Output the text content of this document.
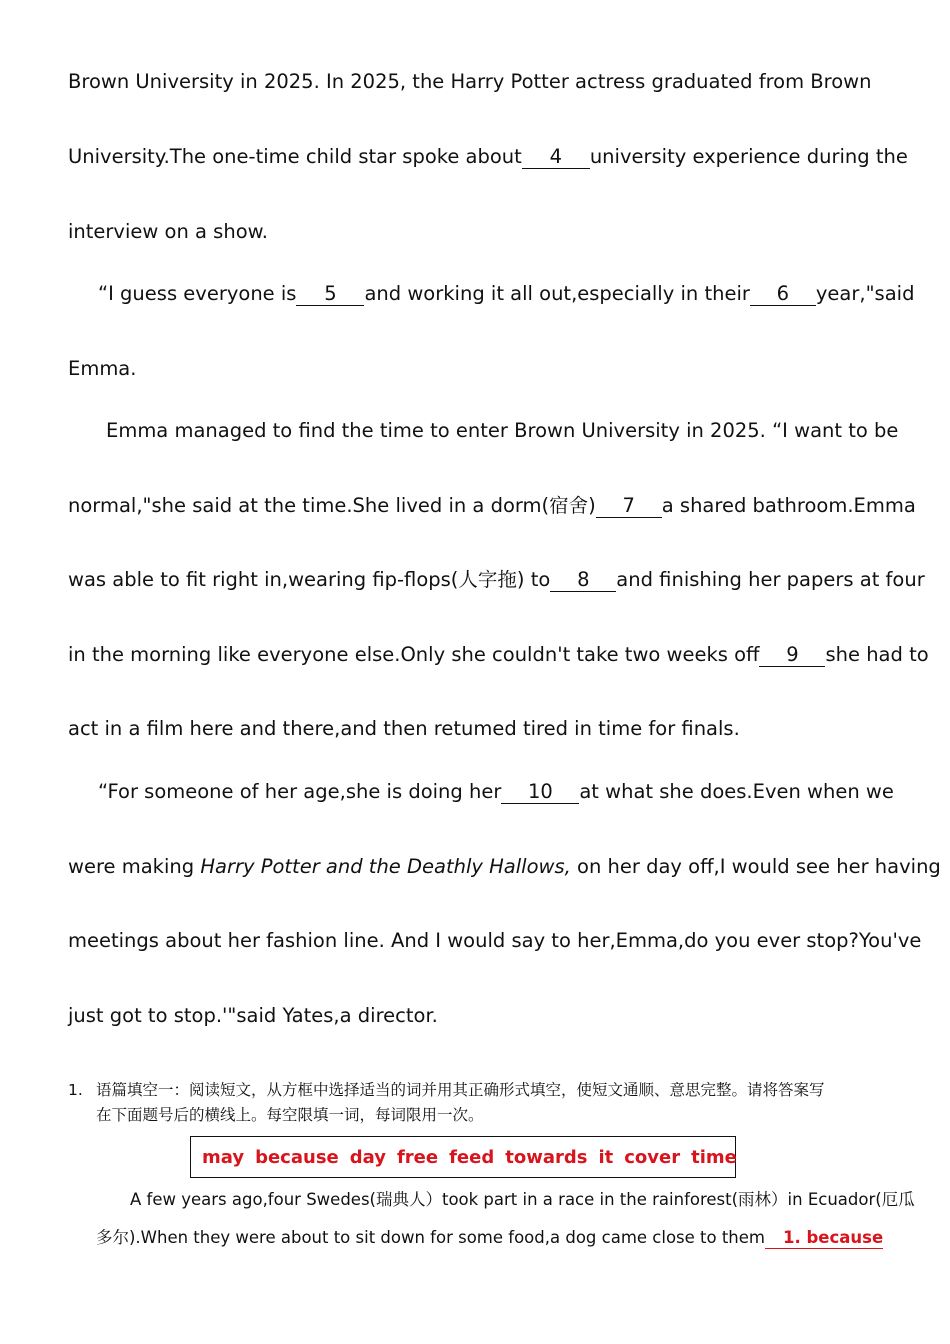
Brown University in 2025. In 2025, the Harry Potter actress graduated from Brown
University.The one-time child star spoke about 4 university experience during the
interview on a show.
“I guess everyone is 5 and working it all out,especially in their 6 year,"said
Emma.
Emma managed to find the time to enter Brown University in 2025. “I want to be
normal,"she said at the time.She lived in a dorm(宿舍) 7 a shared bathroom.Emma
was able to fit right in,wearing fip-flops(人字拖) to 8 and finishing her papers at four
in the morning like everyone else.Only she couldn't take two weeks off 9 she had to
act in a film here and there,and then retumed tired in time for finals.
“For someone of her age,she is doing her 10 at what she does.Even when we
were making Harry Potter and the Deathly Hallows, on her day off,I would see her having
meetings about her fashion line. And I would say to her,Emma,do you ever stop?You've
just got to stop.'"said Yates,a director.
1. 语篇填空一：阅读短文，从方框中选择适当的词并用其正确形式填空，使短文通顺、意思完整。请将答案写
在下面题号后的横线上。每空限填一词，每词限用一次。
may because day free feed towards it cover time
A few years ago,four Swedes(瑞典人）took part in a race in the rainforest(雨林）in Ecuador(厄瓜
多尔).When they were about to sit down for some food,a dog came close to them 1. because
